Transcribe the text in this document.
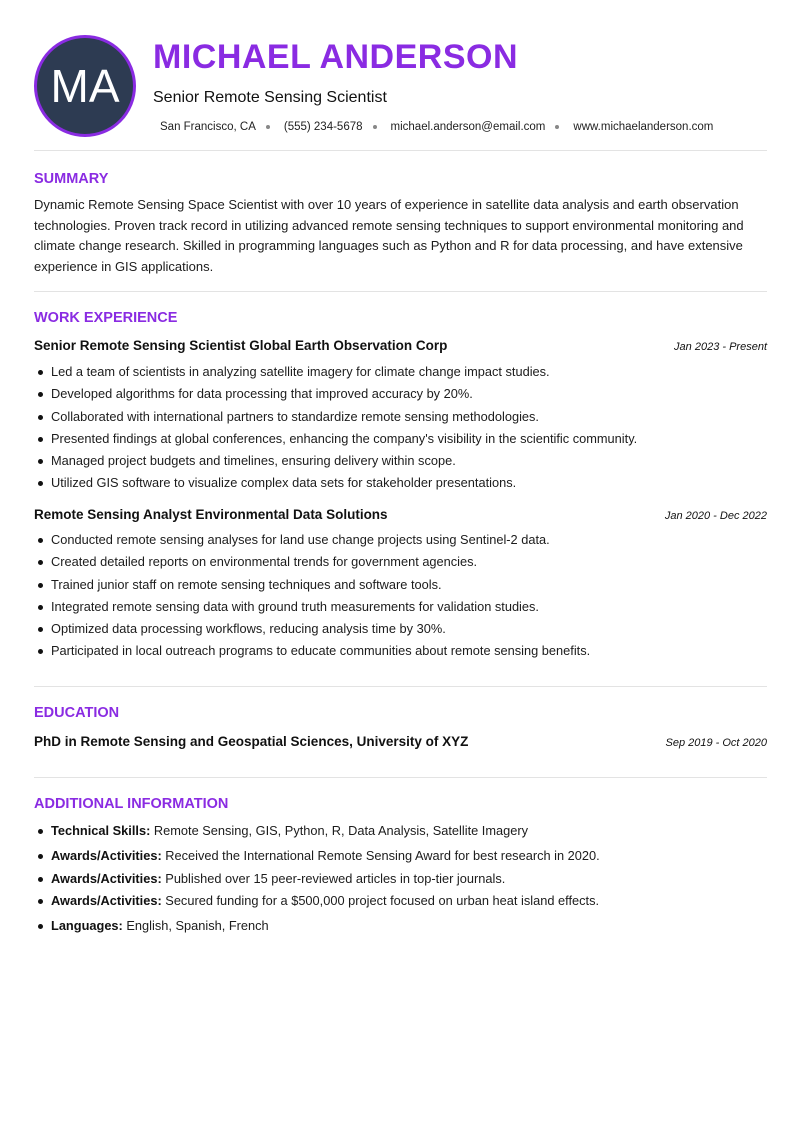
MA
MICHAEL ANDERSON
Senior Remote Sensing Scientist
San Francisco, CA (555) 234-5678 michael.anderson@email.com www.michaelanderson.com
SUMMARY
Dynamic Remote Sensing Space Scientist with over 10 years of experience in satellite data analysis and earth observation technologies. Proven track record in utilizing advanced remote sensing techniques to support environmental monitoring and climate change research. Skilled in programming languages such as Python and R for data processing, and have extensive experience in GIS applications.
WORK EXPERIENCE
Senior Remote Sensing Scientist Global Earth Observation Corp	Jan 2023 - Present
Led a team of scientists in analyzing satellite imagery for climate change impact studies.
Developed algorithms for data processing that improved accuracy by 20%.
Collaborated with international partners to standardize remote sensing methodologies.
Presented findings at global conferences, enhancing the company's visibility in the scientific community.
Managed project budgets and timelines, ensuring delivery within scope.
Utilized GIS software to visualize complex data sets for stakeholder presentations.
Remote Sensing Analyst Environmental Data Solutions	Jan 2020 - Dec 2022
Conducted remote sensing analyses for land use change projects using Sentinel-2 data.
Created detailed reports on environmental trends for government agencies.
Trained junior staff on remote sensing techniques and software tools.
Integrated remote sensing data with ground truth measurements for validation studies.
Optimized data processing workflows, reducing analysis time by 30%.
Participated in local outreach programs to educate communities about remote sensing benefits.
EDUCATION
PhD in Remote Sensing and Geospatial Sciences, University of XYZ	Sep 2019 - Oct 2020
ADDITIONAL INFORMATION
Technical Skills: Remote Sensing, GIS, Python, R, Data Analysis, Satellite Imagery
Awards/Activities: Received the International Remote Sensing Award for best research in 2020.
Awards/Activities: Published over 15 peer-reviewed articles in top-tier journals.
Awards/Activities: Secured funding for a $500,000 project focused on urban heat island effects.
Languages: English, Spanish, French
